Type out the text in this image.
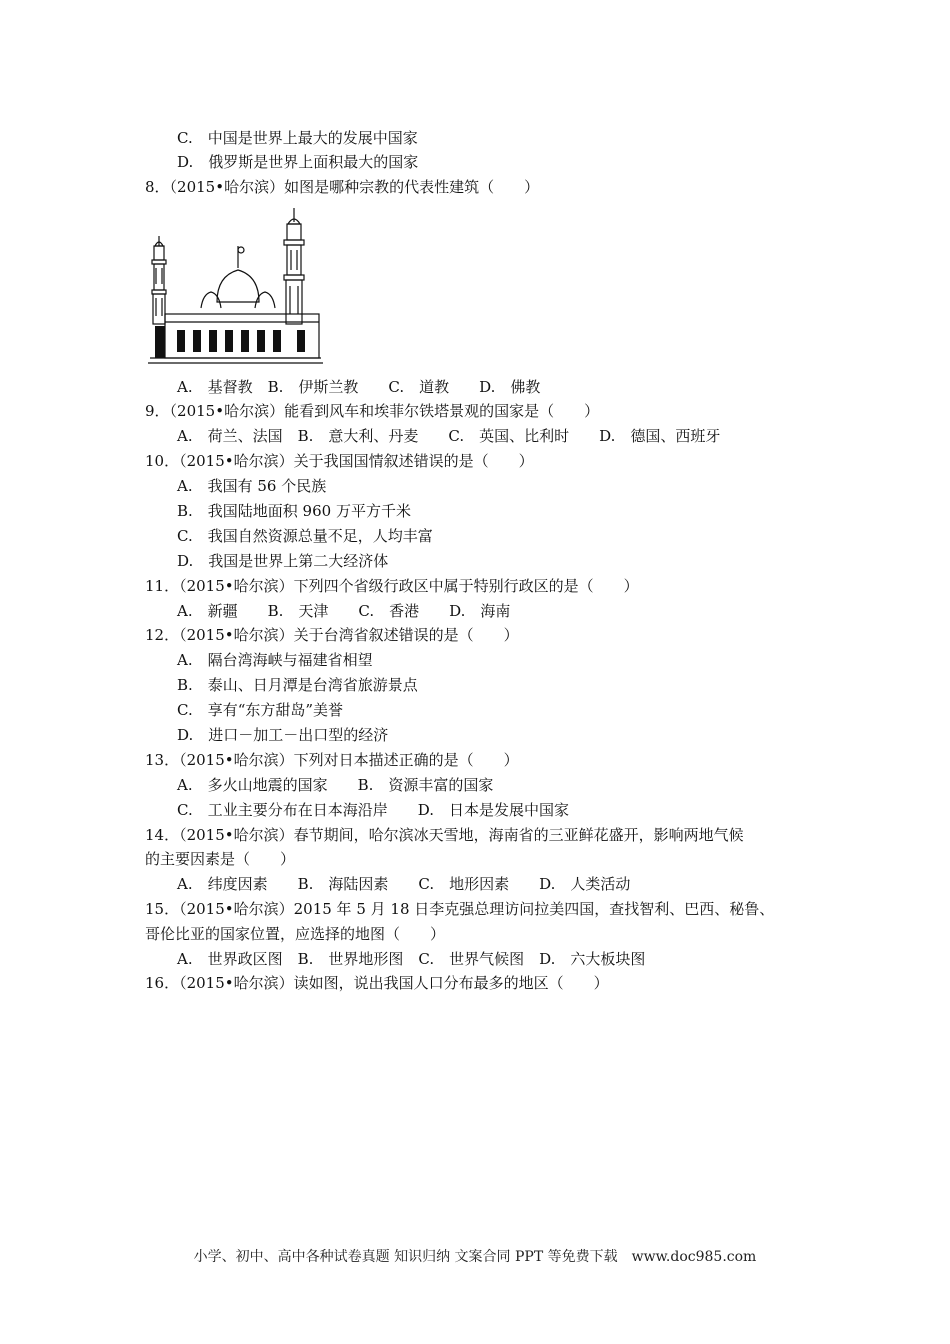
C.　中国是世界上最大的发展中国家
D.　俄罗斯是世界上面积最大的国家
8．（2015•哈尔滨）如图是哪种宗教的代表性建筑（　　）
A.　基督教　B.　伊斯兰教　　C.　道教　　D.　佛教
9．（2015•哈尔滨）能看到风车和埃菲尔铁塔景观的国家是（　　）
A.　荷兰、法国　B.　意大利、丹麦　　C.　英国、比利时　　D.　德国、西班牙
10．（2015•哈尔滨）关于我国国情叙述错误的是（　　）
A.　我国有 56 个民族
B.　我国陆地面积 960 万平方千米
C.　我国自然资源总量不足，人均丰富
D.　我国是世界上第二大经济体
11．（2015•哈尔滨）下列四个省级行政区中属于特别行政区的是（　　）
A.　新疆　　B.　天津　　C.　香港　　D.　海南
12．（2015•哈尔滨）关于台湾省叙述错误的是（　　）
A.　隔台湾海峡与福建省相望
B.　泰山、日月潭是台湾省旅游景点
C.　享有“东方甜岛”美誉
D.　进口－加工－出口型的经济
13．（2015•哈尔滨）下列对日本描述正确的是（　　）
A.　多火山地震的国家　　B.　资源丰富的国家
C.　工业主要分布在日本海沿岸　　D.　日本是发展中国家
14．（2015•哈尔滨）春节期间，哈尔滨冰天雪地，海南省的三亚鲜花盛开，影响两地气候
的主要因素是（　　）
A.　纬度因素　　B.　海陆因素　　C.　地形因素　　D.　人类活动
15．（2015•哈尔滨）2015 年 5 月 18 日李克强总理访问拉美四国，查找智利、巴西、秘鲁、
哥伦比亚的国家位置，应选择的地图（　　）
A.　世界政区图　B.　世界地形图　C.　世界气候图　D.　六大板块图
16．（2015•哈尔滨）读如图，说出我国人口分布最多的地区（　　）
小学、初中、高中各种试卷真题 知识归纳 文案合同 PPT 等免费下载　www.doc985.com
